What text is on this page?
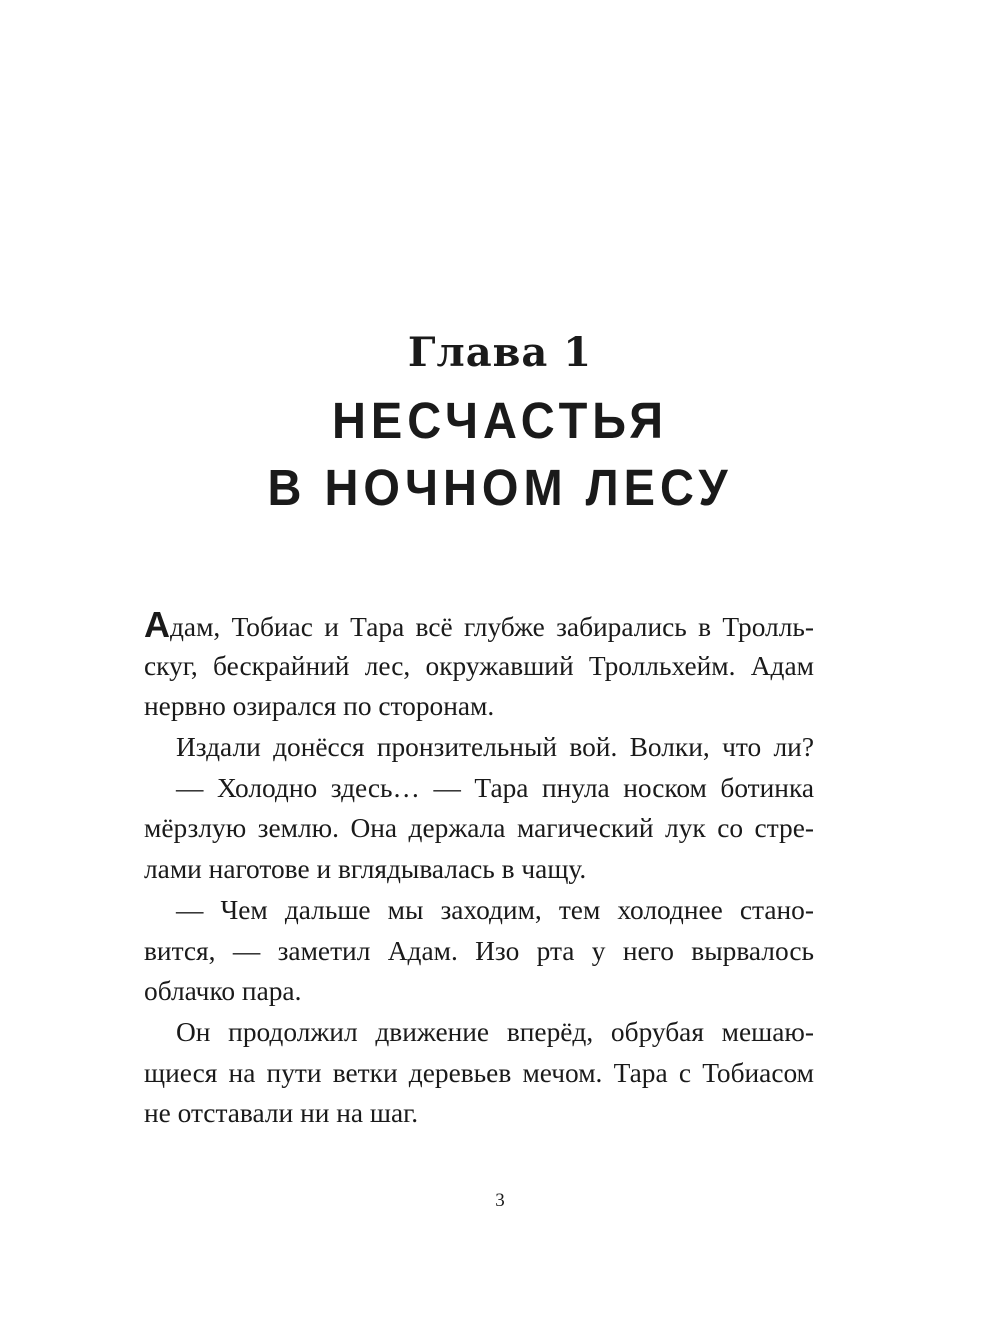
Глава 1
НЕСЧАСТЬЯ
В НОЧНОМ ЛЕСУ
Адам, Тобиас и Тара всё глубже забирались в Тролль-
скуг, бескрайний лес, окружавший Тролльхейм. Адам
нервно озирался по сторонам.
Издали донёсся пронзительный вой. Волки, что ли?
— Холодно здесь… — Тара пнула носком ботинка
мёрзлую землю. Она держала магический лук со стре-
лами наготове и вглядывалась в чащу.
— Чем дальше мы заходим, тем холоднее стано-
вится, — заметил Адам. Изо рта у него вырвалось
облачко пара.
Он продолжил движение вперёд, обрубая мешаю-
щиеся на пути ветки деревьев мечом. Тара с Тобиасом
не отставали ни на шаг.
3
